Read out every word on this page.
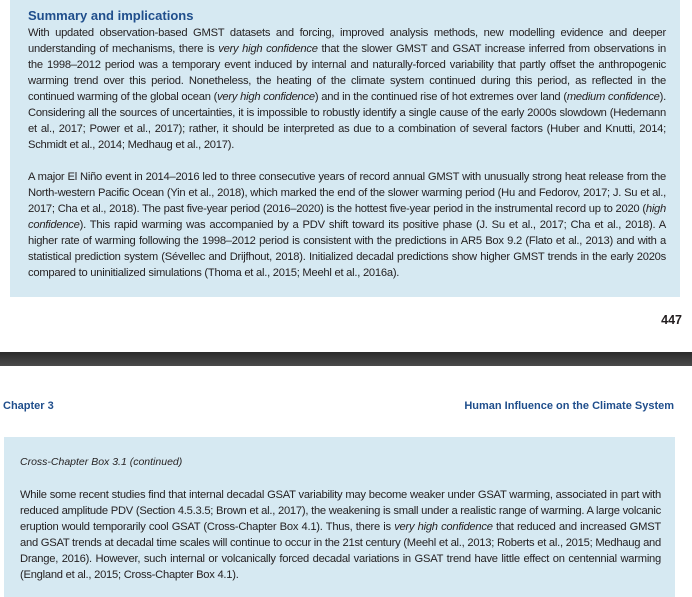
Summary and implications

With updated observation-based GMST datasets and forcing, improved analysis methods, new modelling evidence and deeper understanding of mechanisms, there is very high confidence that the slower GMST and GSAT increase inferred from observations in the 1998–2012 period was a temporary event induced by internal and naturally-forced variability that partly offset the anthropogenic warming trend over this period. Nonetheless, the heating of the climate system continued during this period, as reflected in the continued warming of the global ocean (very high confidence) and in the continued rise of hot extremes over land (medium confidence). Considering all the sources of uncertainties, it is impossible to robustly identify a single cause of the early 2000s slowdown (Hedemann et al., 2017; Power et al., 2017); rather, it should be interpreted as due to a combination of several factors (Huber and Knutti, 2014; Schmidt et al., 2014; Medhaug et al., 2017).

A major El Niño event in 2014–2016 led to three consecutive years of record annual GMST with unusually strong heat release from the North-western Pacific Ocean (Yin et al., 2018), which marked the end of the slower warming period (Hu and Fedorov, 2017; J. Su et al., 2017; Cha et al., 2018). The past five-year period (2016–2020) is the hottest five-year period in the instrumental record up to 2020 (high confidence). This rapid warming was accompanied by a PDV shift toward its positive phase (J. Su et al., 2017; Cha et al., 2018). A higher rate of warming following the 1998–2012 period is consistent with the predictions in AR5 Box 9.2 (Flato et al., 2013) and with a statistical prediction system (Sévellec and Drijfhout, 2018). Initialized decadal predictions show higher GMST trends in the early 2020s compared to uninitialized simulations (Thoma et al., 2015; Meehl et al., 2016a).

447
Chapter 3	Human Influence on the Climate System

Cross-Chapter Box 3.1 (continued)

While some recent studies find that internal decadal GSAT variability may become weaker under GSAT warming, associated in part with reduced amplitude PDV (Section 4.5.3.5; Brown et al., 2017), the weakening is small under a realistic range of warming. A large volcanic eruption would temporarily cool GSAT (Cross-Chapter Box 4.1). Thus, there is very high confidence that reduced and increased GMST and GSAT trends at decadal time scales will continue to occur in the 21st century (Meehl et al., 2013; Roberts et al., 2015; Medhaug and Drange, 2016). However, such internal or volcanically forced decadal variations in GSAT trend have little effect on centennial warming (England et al., 2015; Cross-Chapter Box 4.1).
